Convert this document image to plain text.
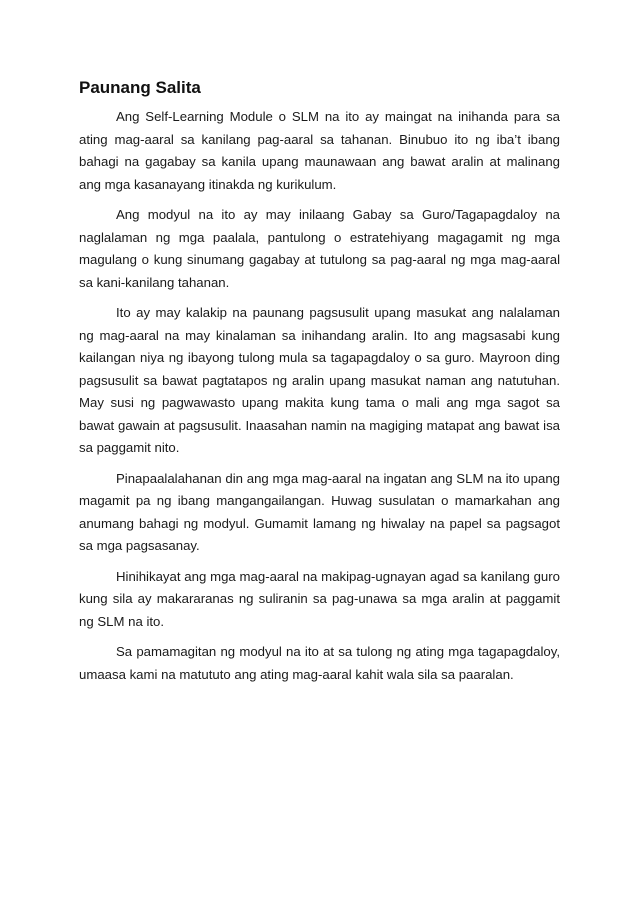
Paunang Salita

Ang Self-Learning Module o SLM na ito ay maingat na inihanda para sa ating mag-aaral sa kanilang pag-aaral sa tahanan. Binubuo ito ng iba’t ibang bahagi na gagabay sa kanila upang maunawaan ang bawat aralin at malinang ang mga kasanayang itinakda ng kurikulum.

Ang modyul na ito ay may inilaang Gabay sa Guro/Tagapagdaloy na naglalaman ng mga paalala, pantulong o estratehiyang magagamit ng mga magulang o kung sinumang gagabay at tutulong sa pag-aaral ng mga mag-aaral sa kani-kanilang tahanan.

Ito ay may kalakip na paunang pagsusulit upang masukat ang nalalaman ng mag-aaral na may kinalaman sa inihandang aralin. Ito ang magsasabi kung kailangan niya ng ibayong tulong mula sa tagapagdaloy o sa guro. Mayroon ding pagsusulit sa bawat pagtatapos ng aralin upang masukat naman ang natutuhan. May susi ng pagwawasto upang makita kung tama o mali ang mga sagot sa bawat gawain at pagsusulit. Inaasahan namin na magiging matapat ang bawat isa sa paggamit nito.

Pinapaalalahanan din ang mga mag-aaral na ingatan ang SLM na ito upang magamit pa ng ibang mangangailangan. Huwag susulatan o mamarkahan ang anumang bahagi ng modyul. Gumamit lamang ng hiwalay na papel sa pagsagot sa mga pagsasanay.

Hinihikayat ang mga mag-aaral na makipag-ugnayan agad sa kanilang guro kung sila ay makararanas ng suliranin sa pag-unawa sa mga aralin at paggamit ng SLM na ito.

Sa pamamagitan ng modyul na ito at sa tulong ng ating mga tagapagdaloy, umaasa kami na matututo ang ating mag-aaral kahit wala sila sa paaralan.
